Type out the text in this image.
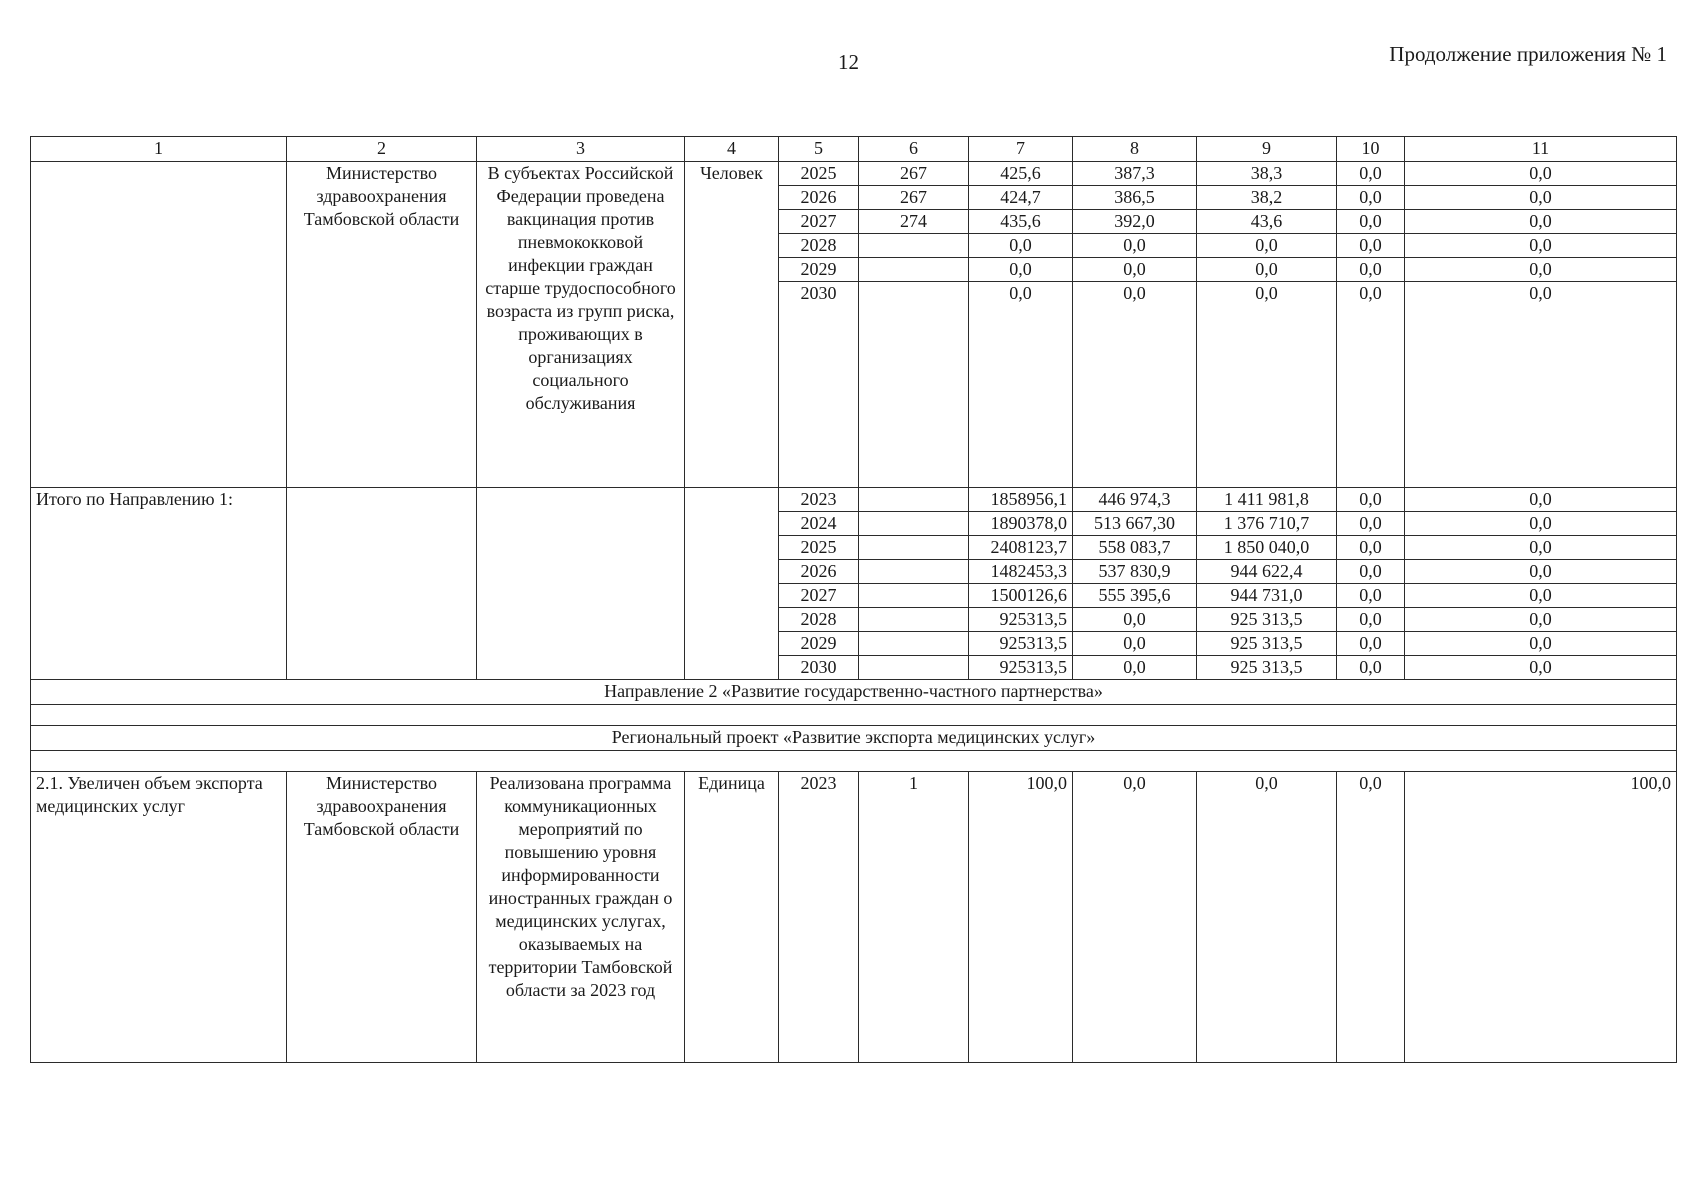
12	Продолжение приложения № 1
1	2	3	4	5	6	7	8	9	10	11
	Министерство здравоохранения Тамбовской области	В субъектах Российской Федерации проведена вакцинация против пневмококковой инфекции граждан старше трудоспособного возраста из групп риска, проживающих в организациях социального обслуживания	Человек	2025	267	425,6	387,3	38,3	0,0	0,0
				2026	267	424,7	386,5	38,2	0,0	0,0
				2027	274	435,6	392,0	43,6	0,0	0,0
				2028		0,0	0,0	0,0	0,0	0,0
				2029		0,0	0,0	0,0	0,0	0,0
				2030		0,0	0,0	0,0	0,0	0,0
Итого по Направлению 1:				2023		1858956,1	446 974,3	1 411 981,8	0,0	0,0
				2024		1890378,0	513 667,30	1 376 710,7	0,0	0,0
				2025		2408123,7	558 083,7	1 850 040,0	0,0	0,0
				2026		1482453,3	537 830,9	944 622,4	0,0	0,0
				2027		1500126,6	555 395,6	944 731,0	0,0	0,0
				2028		925313,5	0,0	925 313,5	0,0	0,0
				2029		925313,5	0,0	925 313,5	0,0	0,0
				2030		925313,5	0,0	925 313,5	0,0	0,0
Направление 2 «Развитие государственно-частного партнерства»										

Региональный проект «Развитие экспорта медицинских услуг»										

2.1. Увеличен объем экспорта медицинских услуг	Министерство здравоохранения Тамбовской области	Реализована программа коммуникационных мероприятий по повышению уровня информированности иностранных граждан о медицинских услугах, оказываемых на территории Тамбовской области за 2023 год	Единица	2023	1	100,0	0,0	0,0	0,0	100,0
